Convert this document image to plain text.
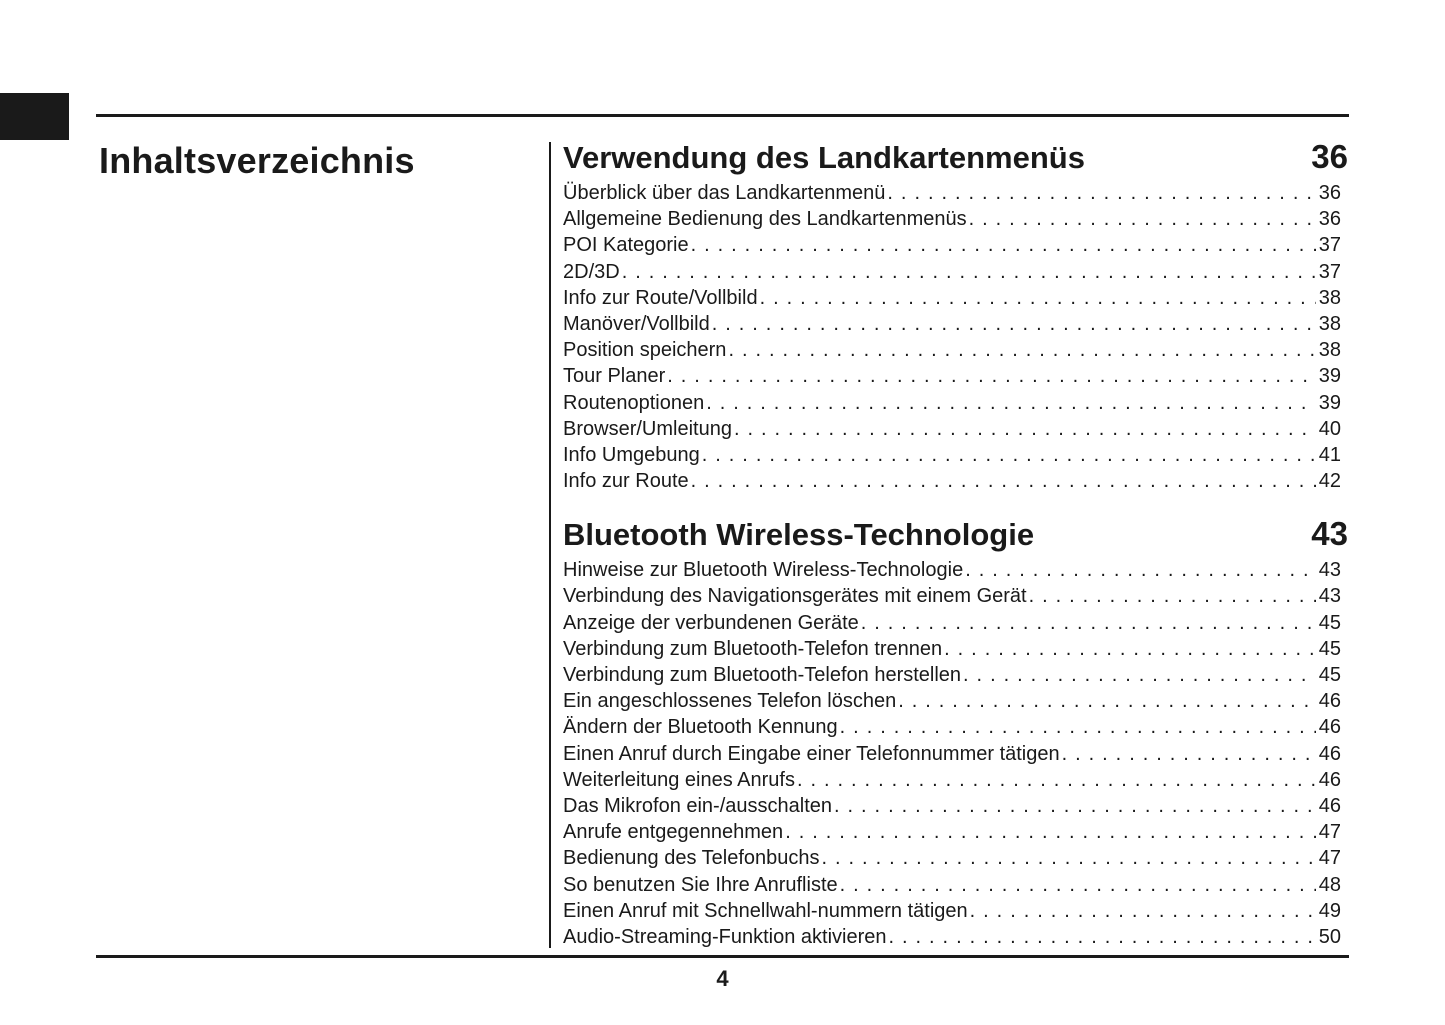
Inhaltsverzeichnis	Verwendung des Landkartenmenüs	36
Überblick über das Landkartenmenü . . .	36
Allgemeine Bedienung des Landkartenmenüs . . .	36
POI Kategorie . . .	37
2D/3D . . .	37
Info zur Route/Vollbild . . .	38
Manöver/Vollbild . . .	38
Position speichern . . .	38
Tour Planer . . .	39
Routenoptionen . . .	39
Browser/Umleitung . . .	40
Info Umgebung . . .	41
Info zur Route . . .	42
Bluetooth Wireless-Technologie	43
Hinweise zur Bluetooth Wireless-Technologie . . .	43
Verbindung des Navigationsgerätes mit einem Gerät . . .	43
Anzeige der verbundenen Geräte . . .	45
Verbindung zum Bluetooth-Telefon trennen . . .	45
Verbindung zum Bluetooth-Telefon herstellen . . .	45
Ein angeschlossenes Telefon löschen . . .	46
Ändern der Bluetooth Kennung . . .	46
Einen Anruf durch Eingabe einer Telefonnummer tätigen . . .	46
Weiterleitung eines Anrufs . . .	46
Das Mikrofon ein-/ausschalten . . .	46
Anrufe entgegennehmen . . .	47
Bedienung des Telefonbuchs . . .	47
So benutzen Sie Ihre Anrufliste . . .	48
Einen Anruf mit Schnellwahl-nummern tätigen . . .	49
Audio-Streaming-Funktion aktivieren . . .	50
4
